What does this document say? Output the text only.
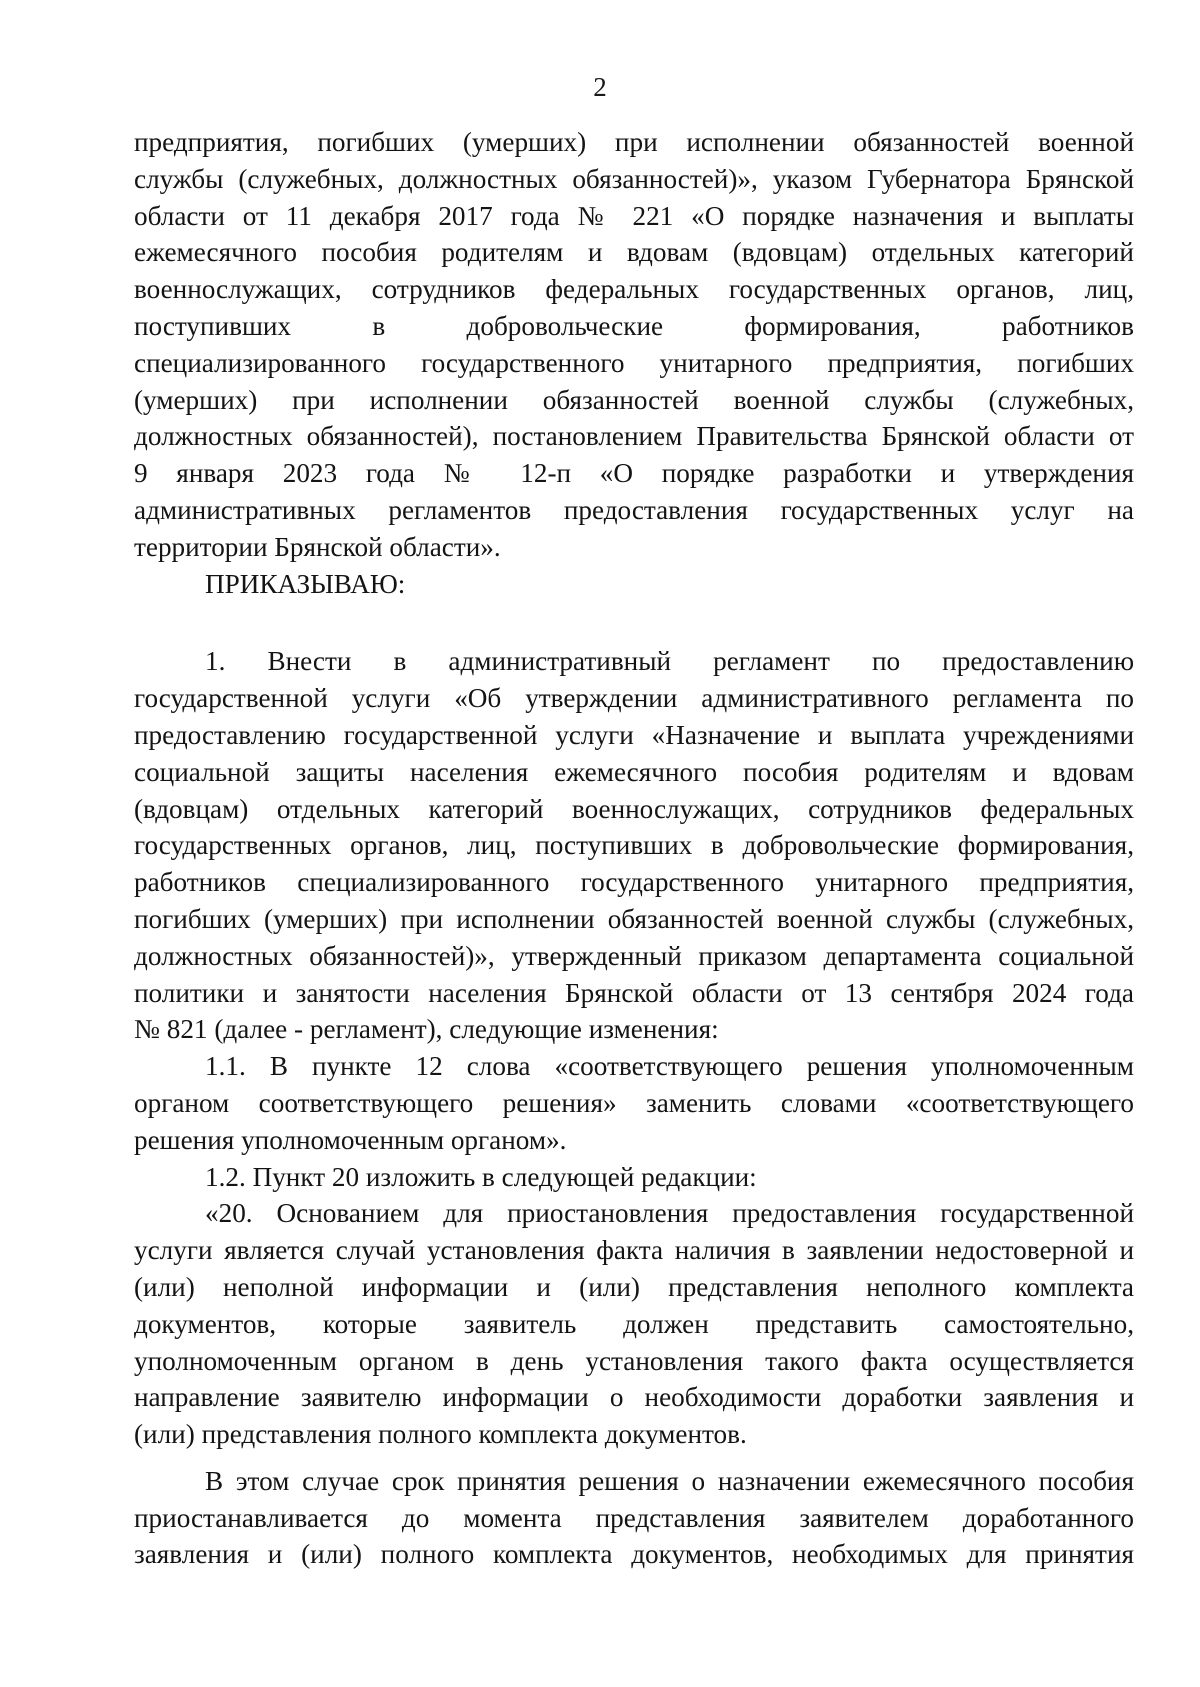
2
предприятия, погибших (умерших) при исполнении обязанностей военной
службы (служебных, должностных обязанностей)», указом Губернатора Брянской
области от 11 декабря 2017 года № 221 «О порядке назначения и выплаты
ежемесячного пособия родителям и вдовам (вдовцам) отдельных категорий
военнослужащих, сотрудников федеральных государственных органов, лиц,
поступивших в добровольческие формирования, работников
специализированного государственного унитарного предприятия, погибших
(умерших) при исполнении обязанностей военной службы (служебных,
должностных обязанностей), постановлением Правительства Брянской области от
9 января 2023 года № 12-п «О порядке разработки и утверждения
административных регламентов предоставления государственных услуг на
территории Брянской области».
ПРИКАЗЫВАЮ:
1. Внести в административный регламент по предоставлению
государственной услуги «Об утверждении административного регламента по
предоставлению государственной услуги «Назначение и выплата учреждениями
социальной защиты населения ежемесячного пособия родителям и вдовам
(вдовцам) отдельных категорий военнослужащих, сотрудников федеральных
государственных органов, лиц, поступивших в добровольческие формирования,
работников специализированного государственного унитарного предприятия,
погибших (умерших) при исполнении обязанностей военной службы (служебных,
должностных обязанностей)», утвержденный приказом департамента социальной
политики и занятости населения Брянской области от 13 сентября 2024 года
№ 821 (далее - регламент), следующие изменения:
1.1. В пункте 12 слова «соответствующего решения уполномоченным
органом соответствующего решения» заменить словами «соответствующего
решения уполномоченным органом».
1.2. Пункт 20 изложить в следующей редакции:
«20. Основанием для приостановления предоставления государственной
услуги является случай установления факта наличия в заявлении недостоверной и
(или) неполной информации и (или) представления неполного комплекта
документов, которые заявитель должен представить самостоятельно,
уполномоченным органом в день установления такого факта осуществляется
направление заявителю информации о необходимости доработки заявления и
(или) представления полного комплекта документов.
В этом случае срок принятия решения о назначении ежемесячного пособия
приостанавливается до момента представления заявителем доработанного
заявления и (или) полного комплекта документов, необходимых для принятия
